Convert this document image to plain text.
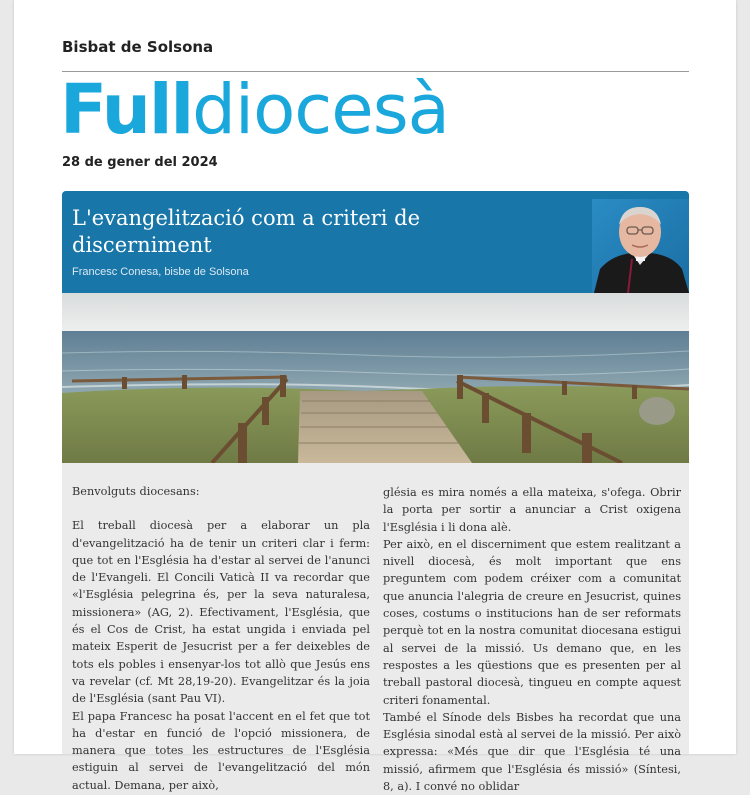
Bisbat de Solsona
Fulldiocesà
28 de gener del 2024
L'evangelització com a criteri de
discerniment
Francesc Conesa, bisbe de Solsona

Benvolguts diocesans:

El treball diocesà per a elaborar un pla d'evangelització ha de tenir un criteri clar i ferm: que tot en l'Església ha d'estar al servei de l'anunci de l'Evangeli. El Concili Vaticà II va recordar que «l'Església pelegrina és, per la seva naturalesa, missionera» (AG, 2). Efectivament, l'Església, que és el Cos de Crist, ha estat ungida i enviada pel mateix Esperit de Jesucrist per a fer deixebles de tots els pobles i ensenyar-los tot allò que Jesús ens va revelar (cf. Mt 28,19-20). Evangelitzar és la joia de l'Església (sant Pau VI).

El papa Francesc ha posat l'accent en el fet que tot ha d'estar en funció de l'opció missionera, de manera que totes les estructures de l'Església estiguin al servei de l'evangelització del món actual. Demana, per això,

glésia es mira només a ella mateixa, s'ofega. Obrir la porta per sortir a anunciar a Crist oxigena l'Església i li dona alè.

Per això, en el discerniment que estem realitzant a nivell diocesà, és molt important que ens preguntem com podem créixer com a comunitat que anuncia l'alegria de creure en Jesucrist, quines coses, costums o institucions han de ser reformats perquè tot en la nostra comunitat diocesana estigui al servei de la missió. Us demano que, en les respostes a les qüestions que es presenten per al treball pastoral diocesà, tingueu en compte aquest criteri fonamental.

També el Sínode dels Bisbes ha recordat que una Església sinodal està al servei de la missió. Per això expressa: «Més que dir que l'Església té una missió, afirmem que l'Església és missió» (Síntesi, 8, a). I convé no oblidar
